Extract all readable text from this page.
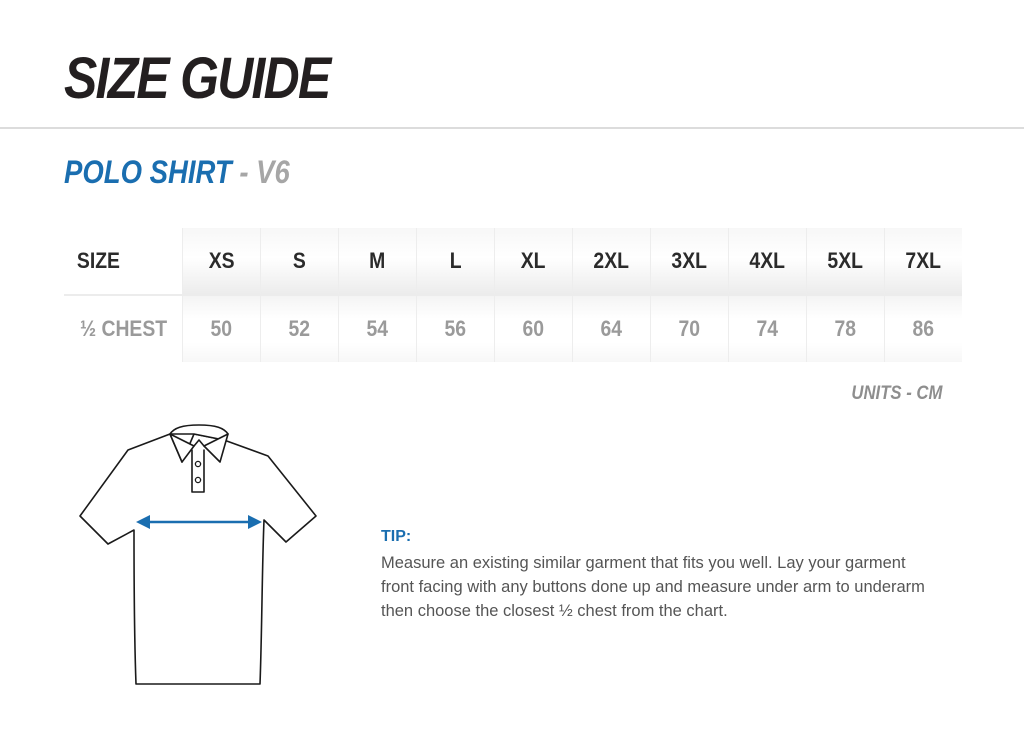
SIZE GUIDE
POLO SHIRT - V6
SIZE	XS	S	M	L	XL	2XL	3XL	4XL	5XL	7XL
½ CHEST	50	52	54	56	60	64	70	74	78	86
UNITS - CM
TIP:
Measure an existing similar garment that fits you well. Lay your garment front facing with any buttons done up and measure under arm to underarm then choose the closest ½ chest from the chart.
